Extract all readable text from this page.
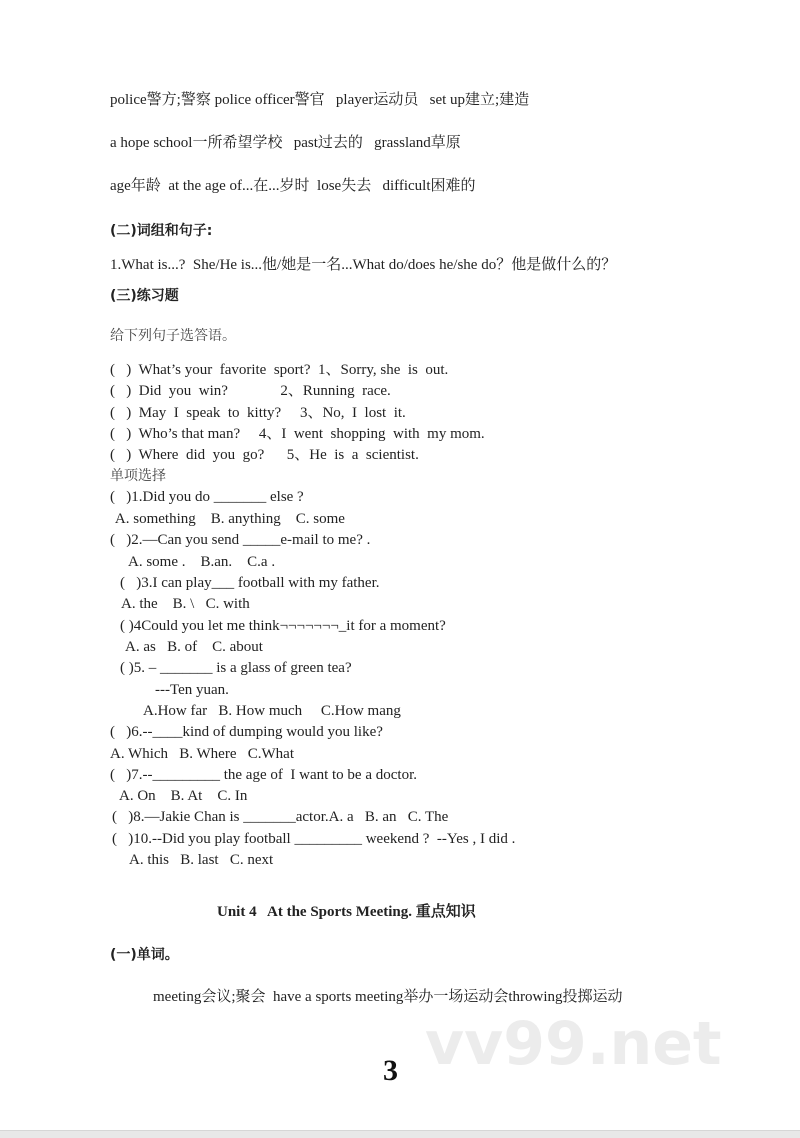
police警方;警察 police officer警官   player运动员   set up建立;建造
a hope school一所希望学校   past过去的   grassland草原
age年龄  at the age of...在...岁时  lose失去   difficult困难的
(二)词组和句子:
1.What is...?  She/He is...他/她是一名...What do/does he/she do？他是做什么的？
(三)练习题
给下列句子选答语。
(   )  What’s your  favorite  sport?  1、Sorry, she  is  out.
(   )  Did  you  win?              2、Running  race.
(   )  May  I  speak  to  kitty?     3、No,  I  lost  it.
(   )  Who’s that man?     4、I  went  shopping  with  my mom.
(   )  Where  did  you  go?      5、He  is  a  scientist.
单项选择
(   )1.Did you do _______ else ?
A. something    B. anything    C. some
(   )2.—Can you send _____e-mail to me? .
A. some .    B.an.    C.a .
(   )3.I can play___ football with my father.
A. the    B. \   C. with
( )4Could you let me think¬¬¬¬¬¬¬_it for a moment?
A. as   B. of    C. about
( )5. – _______ is a glass of green tea?
---Ten yuan.
A.How far   B. How much     C.How mang
(   )6.--____kind of dumping would you like?
A. Which   B. Where   C.What
(   )7.--_________ the age of  I want to be a doctor.
A. On    B. At    C. In
(   )8.—Jakie Chan is _______actor.A. a   B. an   C. The
(   )10.--Did you play football _________ weekend ?  --Yes , I did .
A. this   B. last   C. next
Unit 4   At the Sports Meeting. 重点知识
(一)单词。
meeting会议;聚会  have a sports meeting举办一场运动会throwing投掷运动
vv99.net
3
